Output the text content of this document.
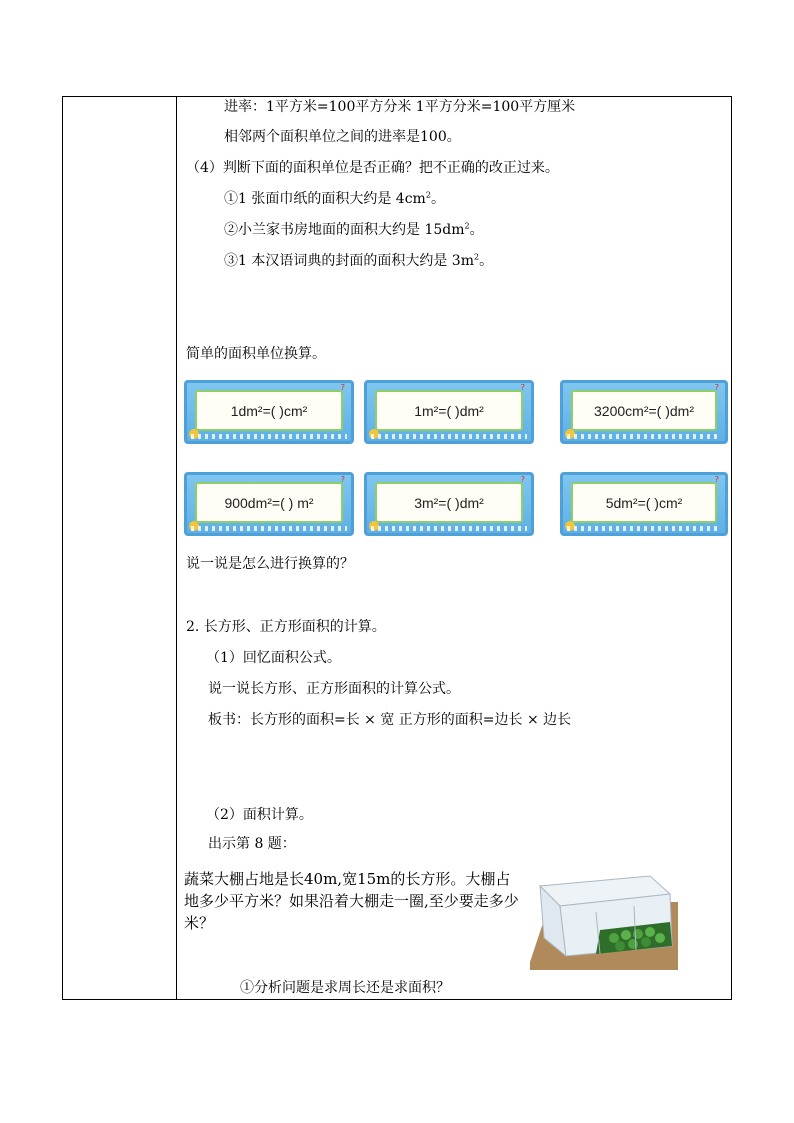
进率：1平方米=100平方分米 1平方分米=100平方厘米
相邻两个面积单位之间的进率是100。
（4）判断下面的面积单位是否正确？把不正确的改正过来。
①1 张面巾纸的面积大约是 $4cm^2$。
②小兰家书房地面的面积大约是 $15dm^2$。
③1 本汉语词典的封面的面积大约是 $3m^2$。
简单的面积单位换算。
1dm²=( )cm²
?
1m²=( )dm²
?
3200cm²=( )dm²
?
900dm²=( ) m²
?
3m²=( )dm²
?
5dm²=( )cm²
?
说一说是怎么进行换算的？
2. 长方形、正方形面积的计算。
（1）回忆面积公式。
说一说长方形、正方形面积的计算公式。
板书：长方形的面积=长 × 宽 正方形的面积=边长 × 边长
（2）面积计算。
出示第 8 题：
蔬菜大棚占地是长40m,宽15m的长方形。大棚占地多少平方米？如果沿着大棚走一圈,至少要走多少米？
①分析问题是求周长还是求面积？
